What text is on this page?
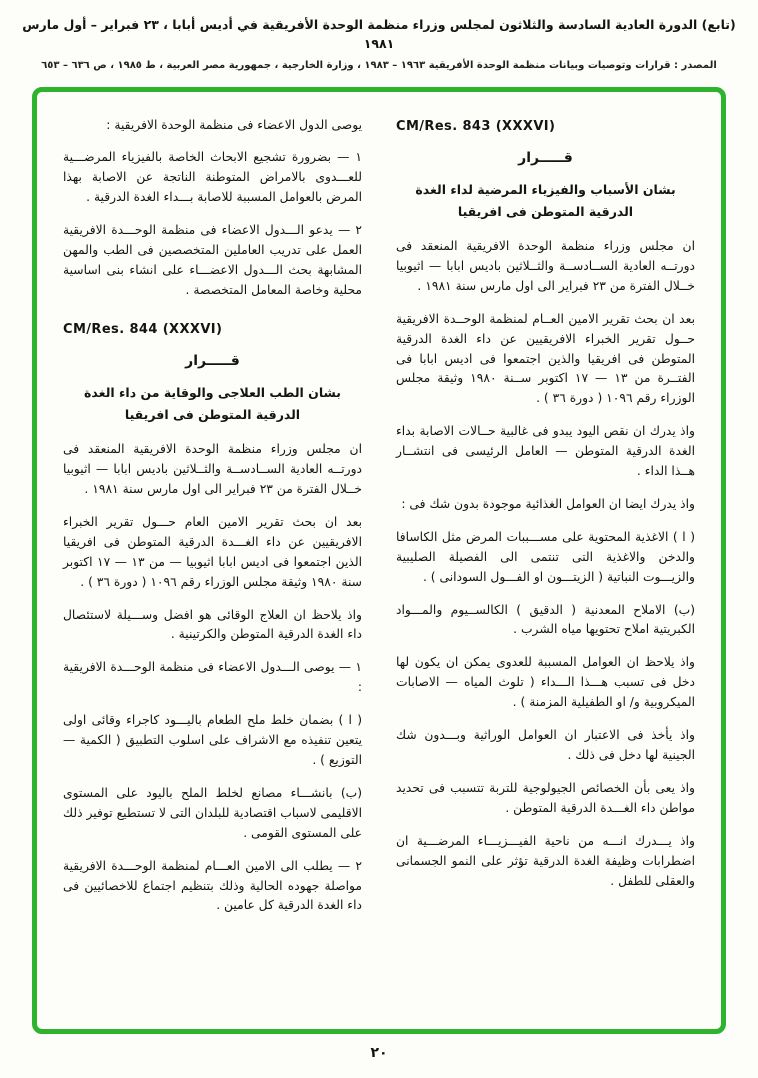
(تابع) الدورة العادية السادسة والثلاثون لمجلس وزراء منظمة الوحدة الأفريقية في أديس أبابا ، ٢٣ فبراير – أول مارس ١٩٨١
المصدر : قرارات وتوصيات وبيانات منظمة الوحدة الأفريقية ١٩٦٣ – ١٩٨٣ ، وزارة الخارجية ، جمهورية مصر العربية ، ط ١٩٨٥ ، ص ٦٣٦ – ٦٥٣
CM/Res. 843 (XXXVI)
قـــــرار
بشان الأسباب والفيزياء المرضية لداء الغدة الدرقية المتوطن فى افريقيا

ان مجلس وزراء منظمة الوحدة الافريقية المنعقد فى دورتــه العادية الســادســة والثــلاثين باديس ابابا — اثيوبيا خــلال الفترة من ٢٣ فبراير الى اول مارس سنة ١٩٨١ .

بعد ان بحث تقرير الامين العــام لمنظمة الوحــدة الافريقية حــول تقرير الخبراء الافريقيين عن داء الغدة الدرقية المتوطن فى افريقيا والذين اجتمعوا فى اديس ابابا فى الفتــرة من ١٣ — ١٧ اكتوبر ســنة ١٩٨٠ وثيقة مجلس الوزراء رقم ١٠٩٦ ( دورة ٣٦ ) .

واذ يدرك ان نقص اليود يبدو فى غالبية حــالات الاصابة بداء الغدة الدرقية المتوطن — العامل الرئيسى فى انتشــار هــذا الداء .

واذ يدرك ايضا ان العوامل الغذائية موجودة بدون شك فى :

( ا ) الاغذية المحتوية على مســـببات المرض مثل الكاسافا والدخن والاغذية التى تنتمى الى الفصيلة الصليبية والزيـــوت النباتية ( الزيتـــون او الفـــول السودانى ) .

(ب) الاملاح المعدنية ( الدقيق ) الكالســيوم والمـــواد الكبريتية املاح تحتويها مياه الشرب .

واذ يلاحظ ان العوامل المسببة للعدوى يمكن ان يكون لها دخل فى تسبب هـــذا الـــداء ( تلوث المياه — الاصابات الميكروبية و/ او الطفيلية المزمنة ) .

واذ يأخذ فى الاعتبار ان العوامل الوراثية وبـــدون شك الجينية لها دخل فى ذلك .

واذ يعى بأن الخصائص الجيولوجية للتربة تتسبب فى تحديد مواطن داء الغـــدة الدرقية المتوطن .

واذ يـــدرك انـــه من ناحية الفيـــزيـــاء المرضـــية ان اضطرابات وظيفة الغدة الدرقية تؤثر على النمو الجسمانى والعقلى للطفل .

يوصى الدول الاعضاء فى منظمة الوحدة الافريقية :

١ — بضرورة تشجيع الابحاث الخاصة بالفيزياء المرضـــية للعـــدوى بالامراض المتوطنة الناتجة عن الاصابة بهذا المرض بالعوامل المسببة للاصابة بـــداء الغدة الدرقية .

٢ — يدعو الـــدول الاعضاء فى منظمة الوحـــدة الافريقية العمل على تدريب العاملين المتخصصين فى الطب والمهن المشابهة بحث الـــدول الاعضـــاء على انشاء بنى اساسية محلية وخاصة المعامل المتخصصة .

CM/Res. 844 (XXXVI)
قـــــرار
بشان الطب العلاجى والوقاية من داء الغدة الدرقية المتوطن فى افريقيا

ان مجلس وزراء منظمة الوحدة الافريقية المنعقد فى دورتــه العادية الســادســة والثــلاثين باديس ابابا — اثيوبيا خــلال الفترة من ٢٣ فبراير الى اول مارس سنة ١٩٨١ .

بعد ان بحث تقرير الامين العام حـــول تقرير الخبراء الافريقيين عن داء الغـــدة الدرقية المتوطن فى افريقيا الذين اجتمعوا فى اديس ابابا اثيوبيا — من ١٣ — ١٧ اكتوبر سنة ١٩٨٠ وثيقة مجلس الوزراء رقم ١٠٩٦ ( دورة ٣٦ ) .

واذ يلاحظ ان العلاج الوقائى هو افضل وســـيلة لاستئصال داء الغدة الدرقية المتوطن والكرتينية .

١ — يوصى الـــدول الاعضاء فى منظمة الوحـــدة الافريقية :

( ا ) بضمان خلط ملح الطعام باليـــود كاجراء وقائى اولى يتعين تنفيذه مع الاشراف على اسلوب التطبيق ( الكمية — التوزيع ) .

(ب) بانشـــاء مصانع لخلط الملح باليود على المستوى الاقليمى لاسباب اقتصادية للبلدان التى لا تستطيع توفير ذلك على المستوى القومى .

٢ — يطلب الى الامين العـــام لمنظمة الوحـــدة الافريقية مواصلة جهوده الحالية وذلك بتنظيم اجتماع للاخصائيين فى داء الغدة الدرقية كل عامين .

٢٠
